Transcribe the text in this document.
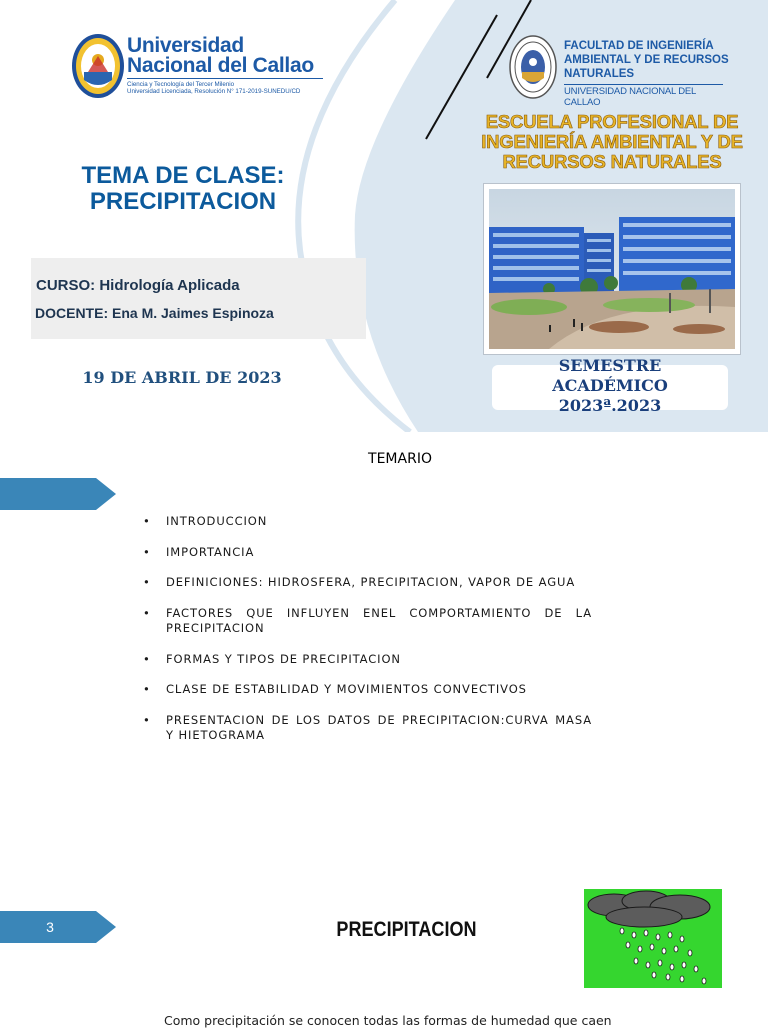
Universidad
Nacional del Callao
Ciencia y Tecnología del Tercer Milenio
Universidad Licenciada, Resolución N° 171-2019-SUNEDU/CD
TEMA DE CLASE:
PRECIPITACION
CURSO: Hidrología Aplicada
DOCENTE: Ena M. Jaimes Espinoza
19 DE ABRIL DE 2023
FACULTAD DE INGENIERÍA
AMBIENTAL Y DE RECURSOS
NATURALES
UNIVERSIDAD NACIONAL DEL CALLAO
ESCUELA PROFESIONAL DE
INGENIERÍA AMBIENTAL Y DE
RECURSOS NATURALES
SEMESTRE
ACADÉMICO
2023ª.2023
TEMARIO
• INTRODUCCION
• IMPORTANCIA
• DEFINICIONES: HIDROSFERA, PRECIPITACION, VAPOR DE AGUA
• FACTORES QUE INFLUYEN ENEL COMPORTAMIENTO DE LA PRECIPITACION
• FORMAS Y TIPOS DE PRECIPITACION
• CLASE DE ESTABILIDAD Y MOVIMIENTOS CONVECTIVOS
• PRESENTACION DE LOS DATOS DE PRECIPITACION:CURVA MASA Y HIETOGRAMA
3	PRECIPITACION
Como precipitación se conocen todas las formas de humedad que caen
